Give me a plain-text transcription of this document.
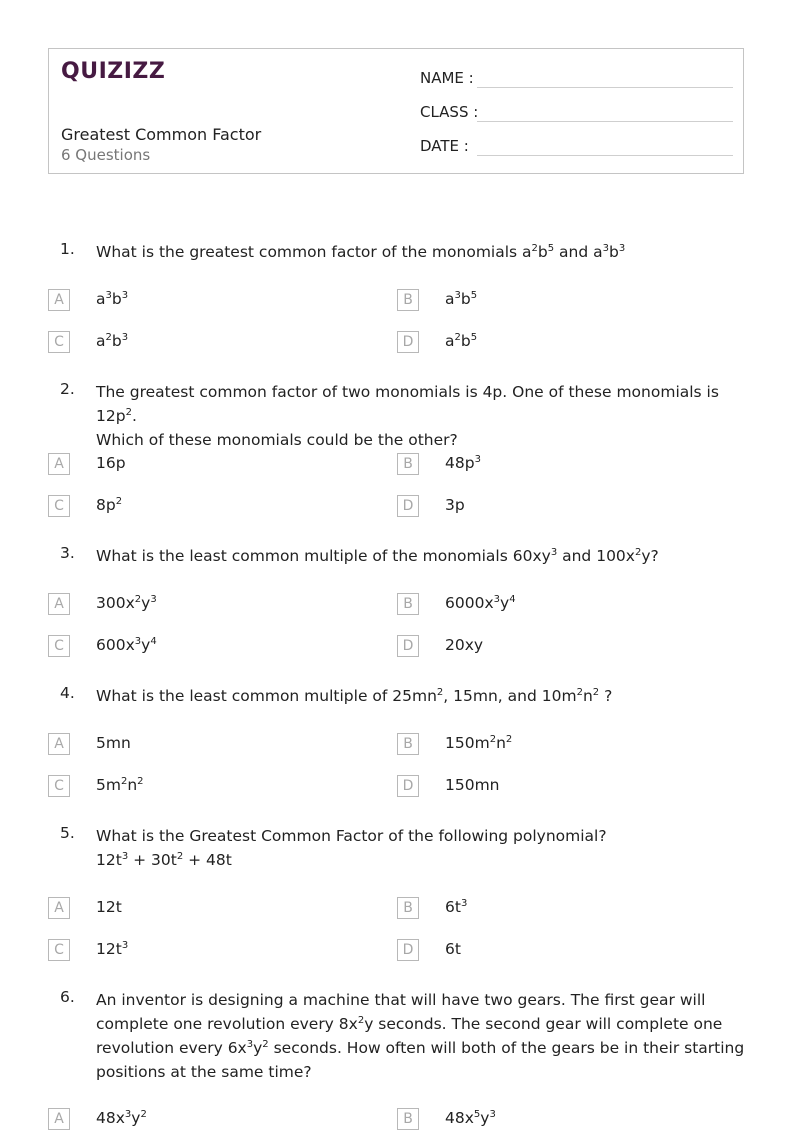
QUIZIZZ
Greatest Common Factor
6 Questions
NAME :
CLASS :
DATE :
1. What is the greatest common factor of the monomials $a^2b^5$ and $a^3b^3$
A	$a^3b^3$	B	$a^3b^5$
C	$a^2b^3$	D	$a^2b^5$
2. The greatest common factor of two monomials is 4p. One of these monomials is $12p^2$.
Which of these monomials could be the other?
A	16p	B	$48p^3$
C	$8p^2$	D	3p
3. What is the least common multiple of the monomials $60xy^3$ and $100x^2y$?
A	$300x^2y^3$	B	$6000x^3y^4$
C	$600x^3y^4$	D	20xy
4. What is the least common multiple of $25mn^2$, 15mn, and $10m^2n^2$ ?
A	5mn	B	$150m^2n^2$
C	$5m^2n^2$	D	150mn
5. What is the Greatest Common Factor of the following polynomial?
$12t^3 + 30t^2 + 48t$
A	12t	B	$6t^3$
C	$12t^3$	D	6t
6. An inventor is designing a machine that will have two gears. The first gear will complete one revolution every $8x^2y$ seconds. The second gear will complete one revolution every $6x^3y^2$ seconds. How often will both of the gears be in their starting positions at the same time?
A	$48x^3y^2$	B	$48x^5y^3$
